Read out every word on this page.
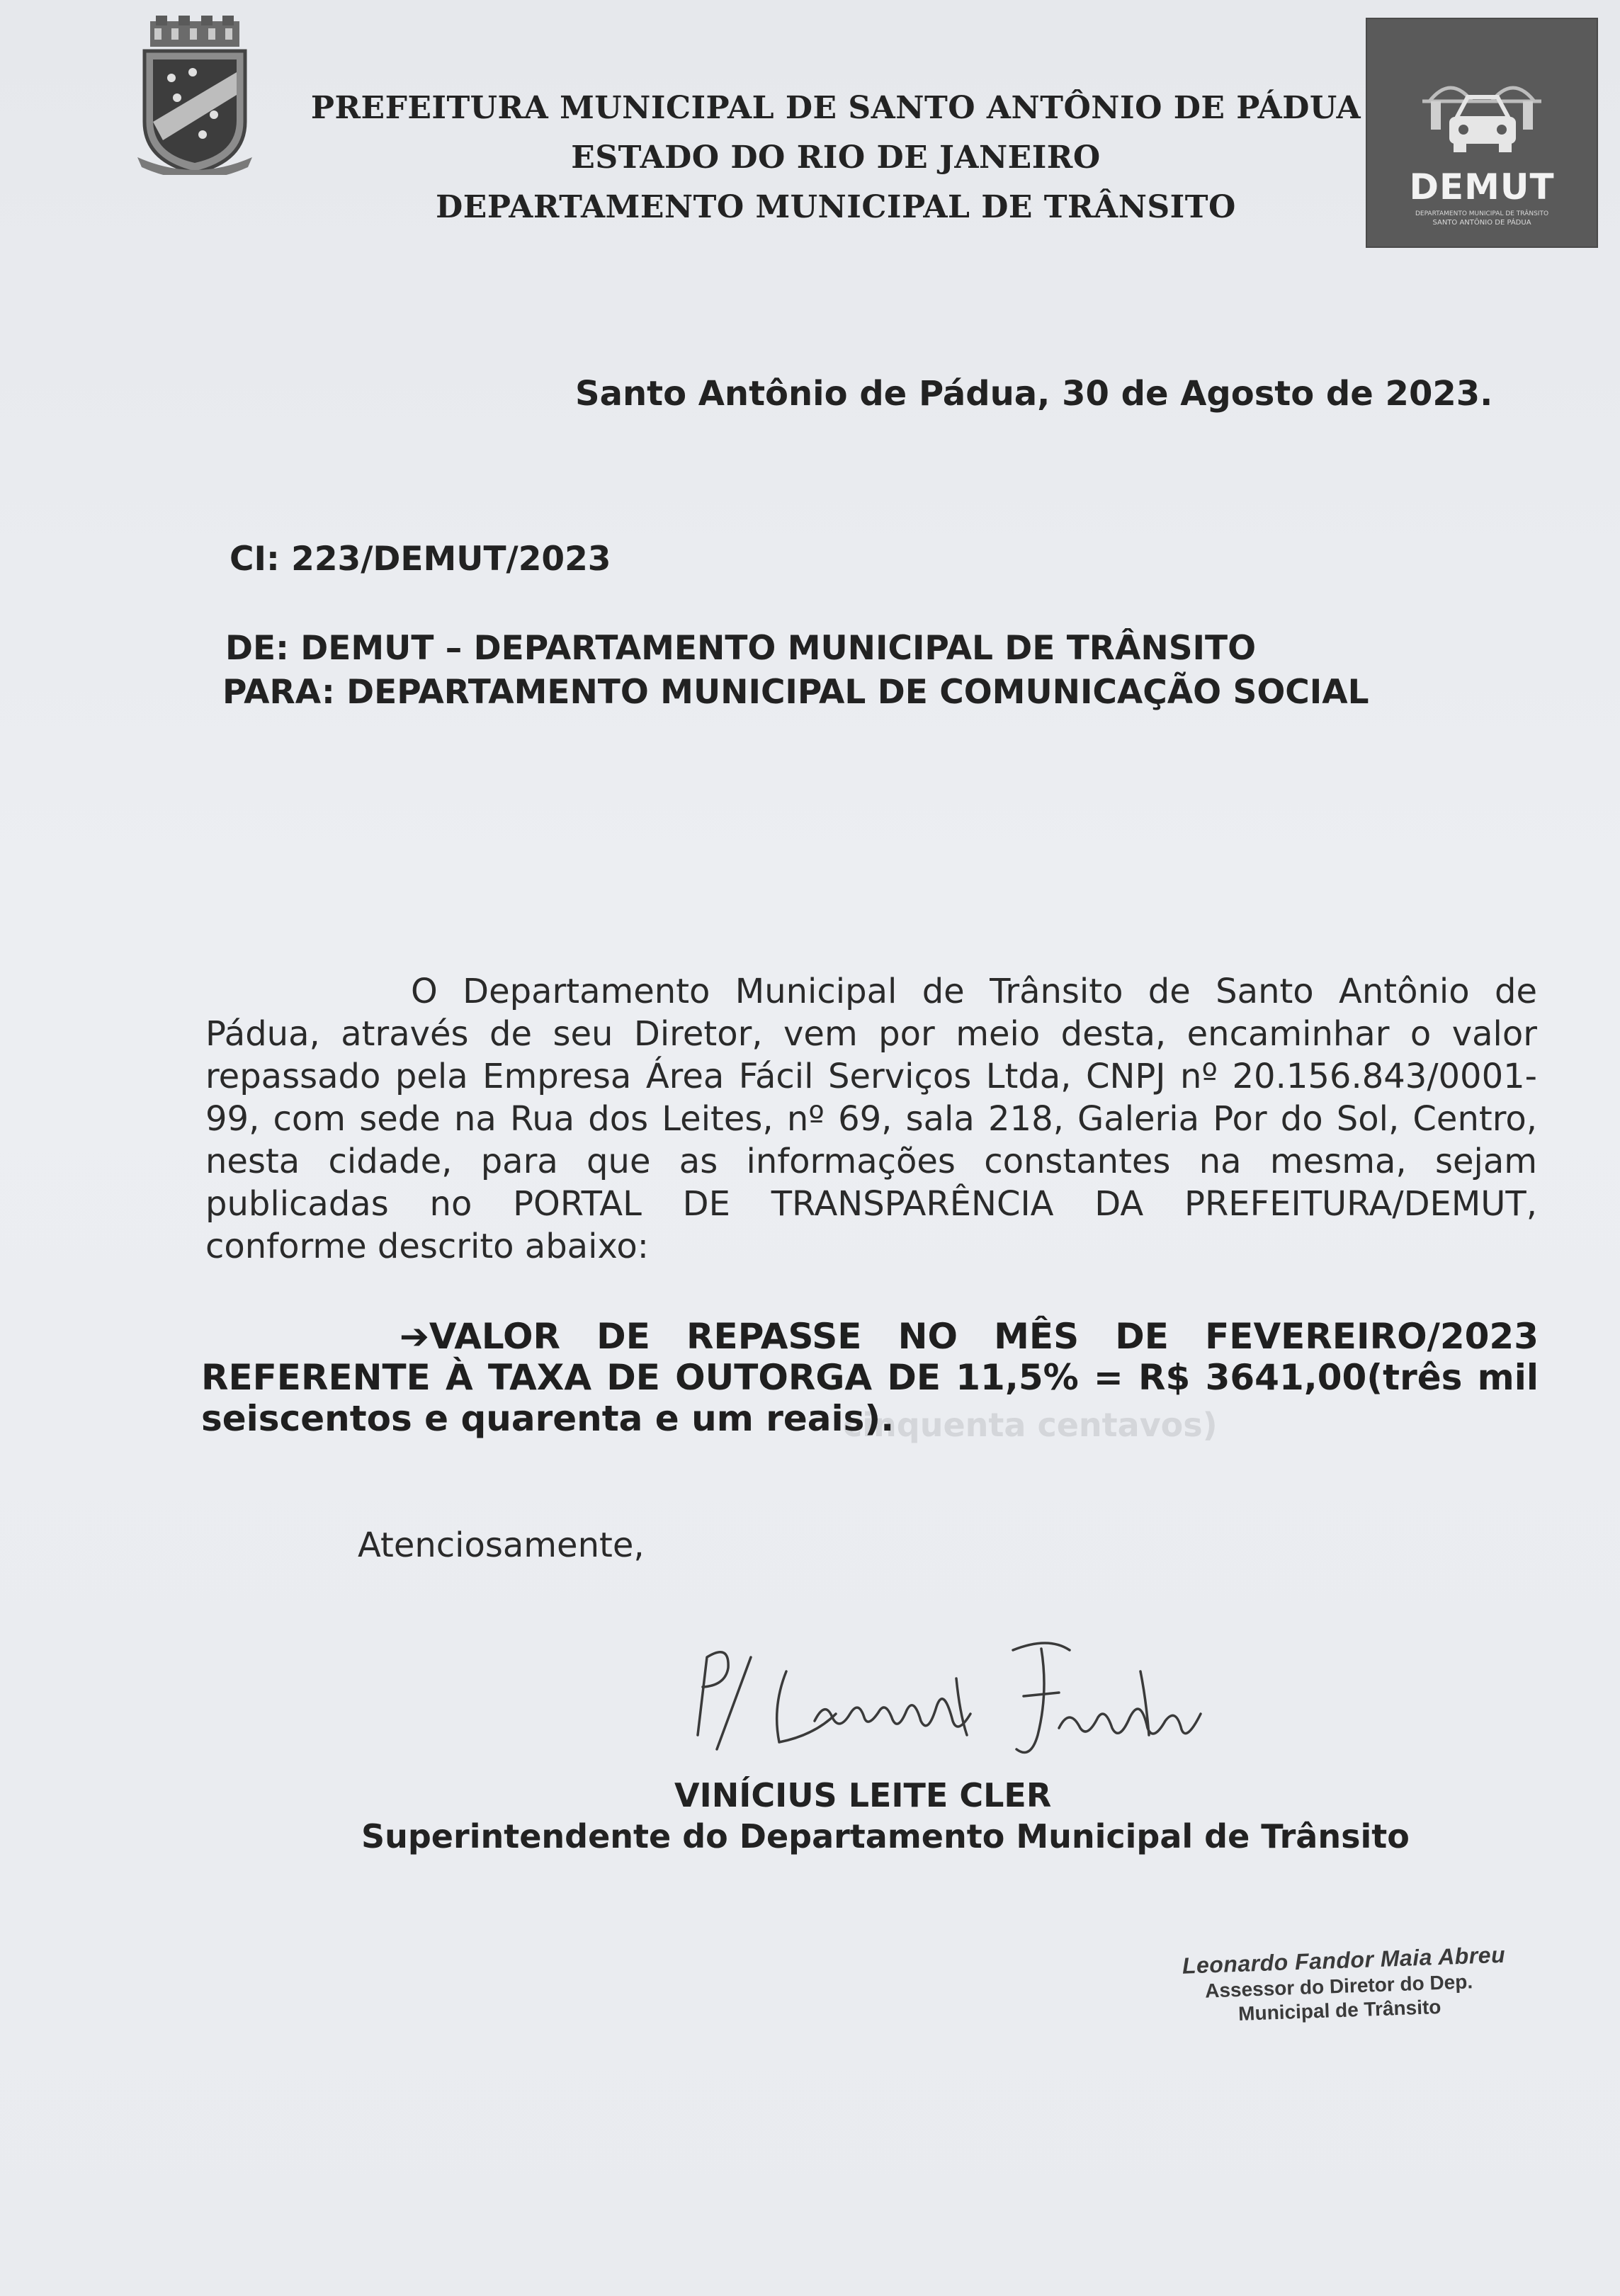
PREFEITURA MUNICIPAL DE SANTO ANTÔNIO DE PÁDUA
ESTADO DO RIO DE JANEIRO
DEPARTAMENTO MUNICIPAL DE TRÂNSITO	DEMUT
DEPARTAMENTO MUNICIPAL DE TRÂNSITO
SANTO ANTÔNIO DE PÁDUA
Santo Antônio de Pádua, 30 de Agosto de 2023.
CI: 223/DEMUT/2023
DE: DEMUT – DEPARTAMENTO MUNICIPAL DE TRÂNSITO
PARA: DEPARTAMENTO MUNICIPAL DE COMUNICAÇÃO SOCIAL
O Departamento Municipal de Trânsito de Santo Antônio de
Pádua, através de seu Diretor, vem por meio desta, encaminhar o valor
repassado pela Empresa Área Fácil Serviços Ltda, CNPJ nº 20.156.843/0001-
99, com sede na Rua dos Leites, nº 69, sala 218, Galeria Por do Sol, Centro,
nesta cidade, para que as informações constantes na mesma, sejam
publicadas no PORTAL DE TRANSPARÊNCIA DA PREFEITURA/DEMUT,
conforme descrito abaixo:
cinquenta centavos)
➔VALOR DE REPASSE NO MÊS DE FEVEREIRO/2023
REFERENTE À TAXA DE OUTORGA DE 11,5% = R$ 3641,00(três mil
seiscentos e quarenta e um reais).
Atenciosamente,
VINÍCIUS LEITE CLER
Superintendente do Departamento Municipal de Trânsito
Leonardo Fandor Maia Abreu
Assessor do Diretor do Dep.
Municipal de Trânsito
